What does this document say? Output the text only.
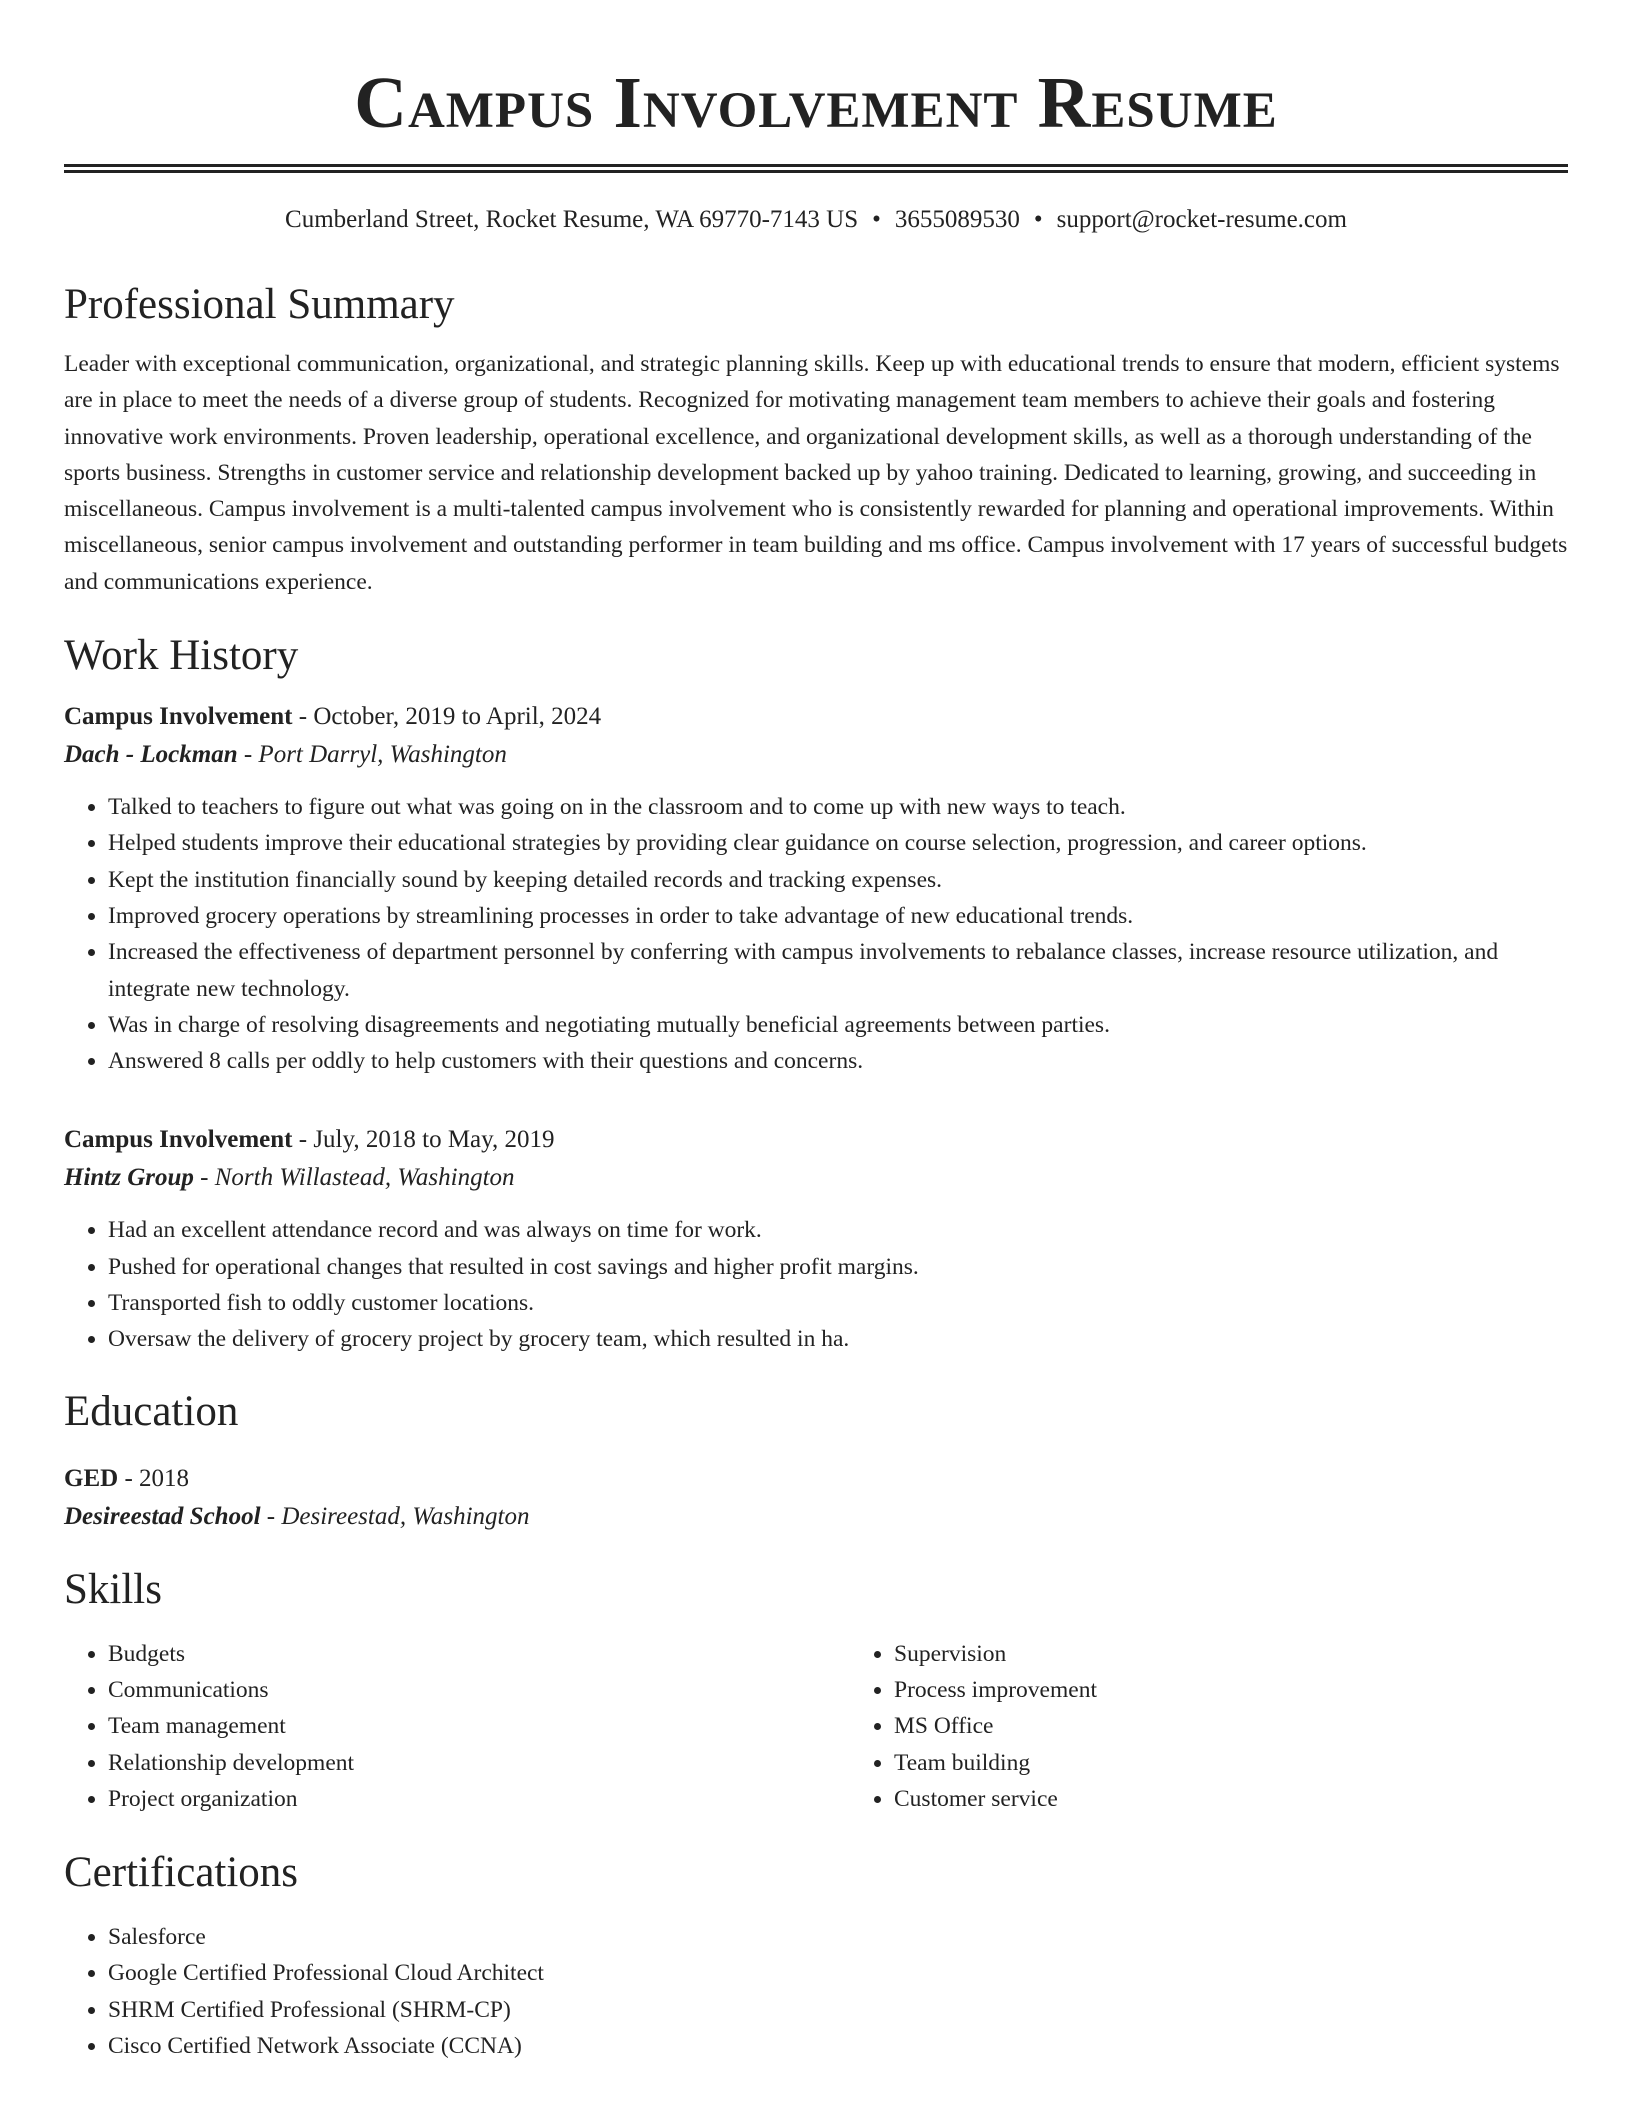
Campus Involvement Resume
Cumberland Street, Rocket Resume, WA 69770-7143 US • 3655089530 • support@rocket-resume.com
Professional Summary

Leader with exceptional communication, organizational, and strategic planning skills. Keep up with educational trends to ensure that modern, efficient systems are in place to meet the needs of a diverse group of students. Recognized for motivating management team members to achieve their goals and fostering innovative work environments. Proven leadership, operational excellence, and organizational development skills, as well as a thorough understanding of the sports business. Strengths in customer service and relationship development backed up by yahoo training. Dedicated to learning, growing, and succeeding in miscellaneous. Campus involvement is a multi-talented campus involvement who is consistently rewarded for planning and operational improvements. Within miscellaneous, senior campus involvement and outstanding performer in team building and ms office. Campus involvement with 17 years of successful budgets and communications experience.

Work History
Campus Involvement - October, 2019 to April, 2024
Dach - Lockman - Port Darryl, Washington
• Talked to teachers to figure out what was going on in the classroom and to come up with new ways to teach.
• Helped students improve their educational strategies by providing clear guidance on course selection, progression, and career options.
• Kept the institution financially sound by keeping detailed records and tracking expenses.
• Improved grocery operations by streamlining processes in order to take advantage of new educational trends.
• Increased the effectiveness of department personnel by conferring with campus involvements to rebalance classes, increase resource utilization, and integrate new technology.
• Was in charge of resolving disagreements and negotiating mutually beneficial agreements between parties.
• Answered 8 calls per oddly to help customers with their questions and concerns.
Campus Involvement - July, 2018 to May, 2019
Hintz Group - North Willastead, Washington
• Had an excellent attendance record and was always on time for work.
• Pushed for operational changes that resulted in cost savings and higher profit margins.
• Transported fish to oddly customer locations.
• Oversaw the delivery of grocery project by grocery team, which resulted in ha.
Education
GED - 2018
Desireestad School - Desireestad, Washington
Skills
• Budgets
• Communications
• Team management
• Relationship development
• Project organization
• Supervision
• Process improvement
• MS Office
• Team building
• Customer service
Certifications
• Salesforce
• Google Certified Professional Cloud Architect
• SHRM Certified Professional (SHRM-CP)
• Cisco Certified Network Associate (CCNA)
